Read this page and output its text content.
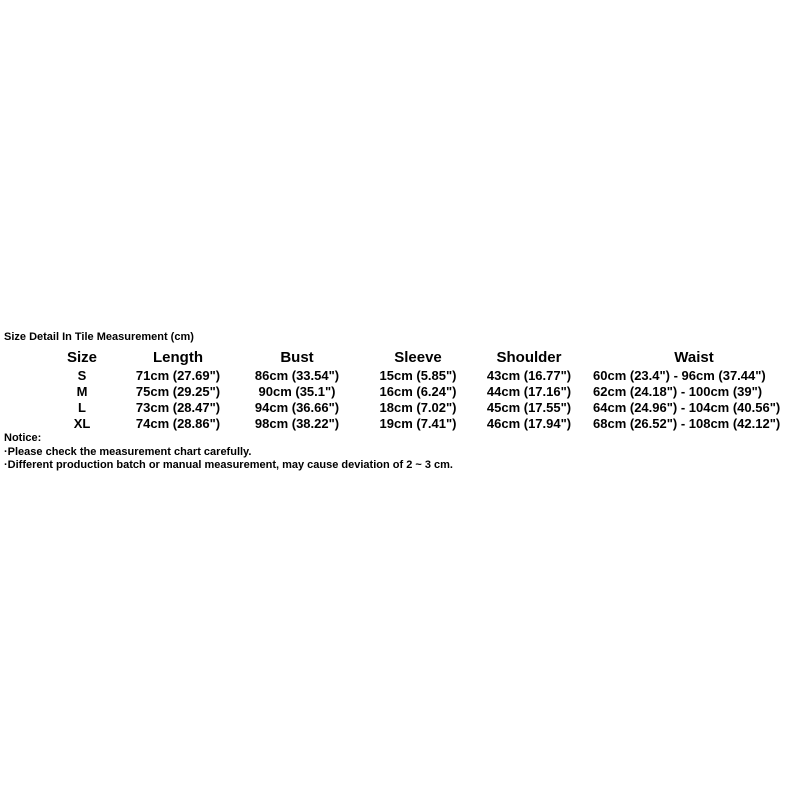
Size Detail In Tile Measurement (cm)
Size	Length	Bust	Sleeve	Shoulder	Waist
S	71cm (27.69")	86cm (33.54")	15cm (5.85")	43cm (16.77")	60cm (23.4") - 96cm (37.44")
M	75cm (29.25")	90cm (35.1")	16cm (6.24")	44cm (17.16")	62cm (24.18") - 100cm (39")
L	73cm (28.47")	94cm (36.66")	18cm (7.02")	45cm (17.55")	64cm (24.96") - 104cm (40.56")
XL	74cm (28.86")	98cm (38.22")	19cm (7.41")	46cm (17.94")	68cm (26.52") - 108cm (42.12")
Notice:
·Please check the measurement chart carefully.
·Different production batch or manual measurement, may cause deviation of 2 ~ 3 cm.
